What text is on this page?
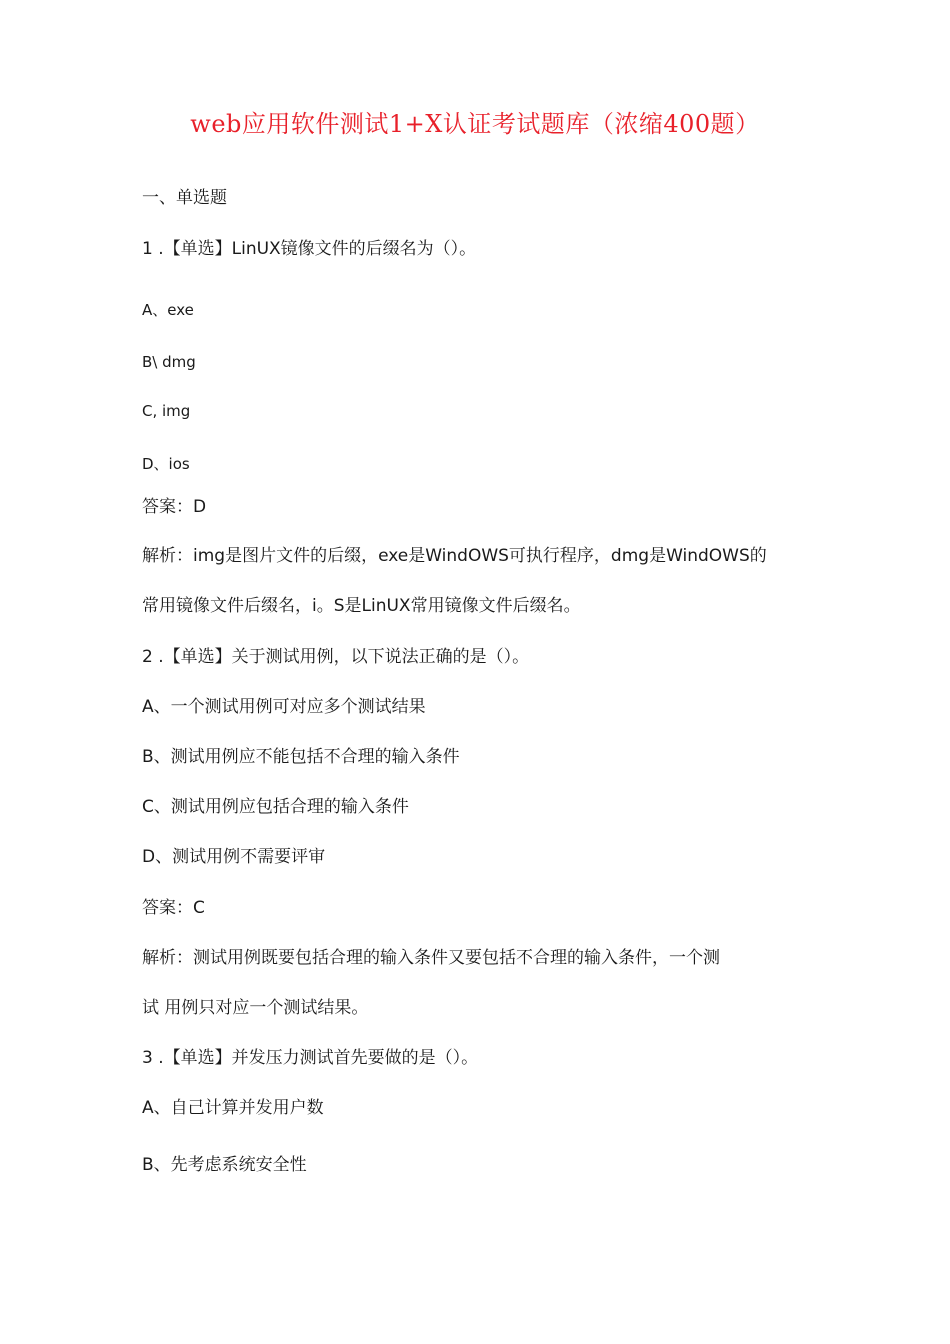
web应用软件测试1+X认证考试题库（浓缩400题）
一、单选题
1 .【单选】LinUX镜像文件的后缀名为（）。
A、exe
B\ dmg
C, img
D、ios
答案：D
解析：img是图片文件的后缀，exe是WindOWS可执行程序，dmg是WindOWS的
常用镜像文件后缀名，i。S是LinUX常用镜像文件后缀名。
2 .【单选】关于测试用例，以下说法正确的是（）。
A、一个测试用例可对应多个测试结果
B、测试用例应不能包括不合理的输入条件
C、测试用例应包括合理的输入条件
D、测试用例不需要评审
答案：C
解析：测试用例既要包括合理的输入条件又要包括不合理的输入条件，一个测
试 用例只对应一个测试结果。
3 .【单选】并发压力测试首先要做的是（）。
A、自己计算并发用户数
B、先考虑系统安全性
